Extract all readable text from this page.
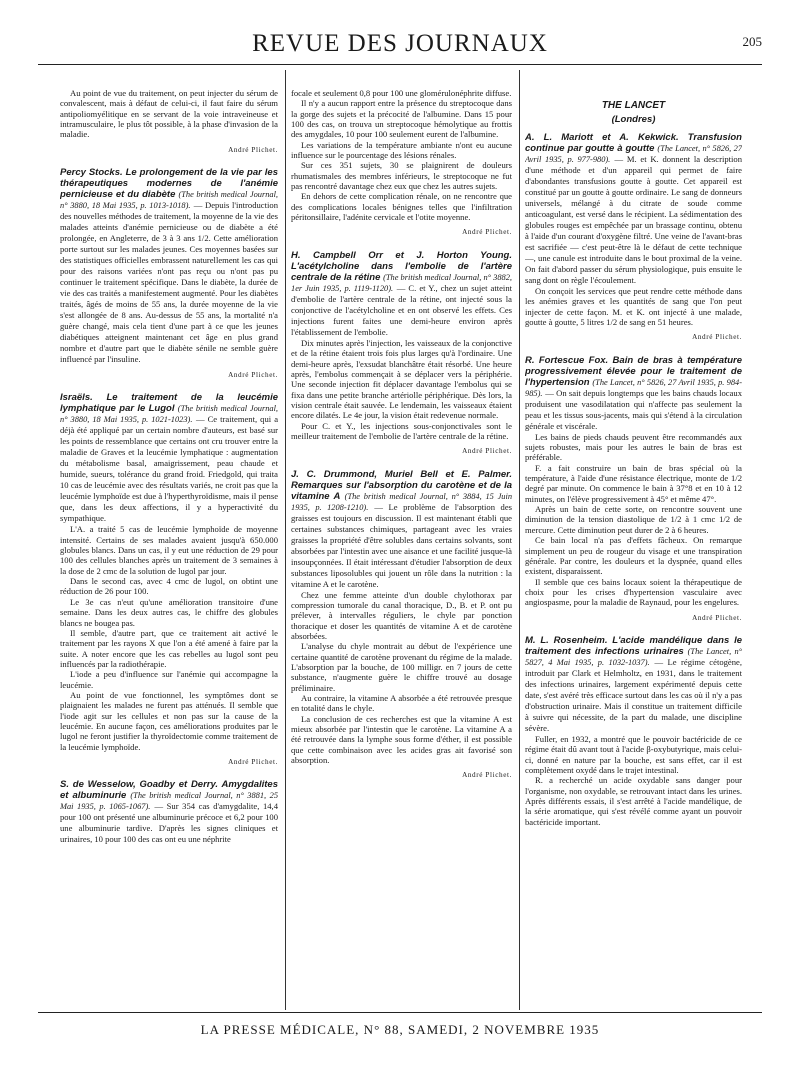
REVUE DES JOURNAUX	205

Au point de vue du traitement, on peut injecter du sérum de convalescent, mais à défaut de celui-ci, il faut faire du sérum antipoliomyélitique en se servant de la voie intraveineuse et intramusculaire, le plus tôt possible, à la phase d'invasion de la maladie.

André Plichet.

Percy Stocks. Le prolongement de la vie par les thérapeutiques modernes de l'anémie pernicieuse et du diabète (The british medical Journal, n° 3880, 18 Mai 1935, p. 1013-1018). — Depuis l'introduction des nouvelles méthodes de traitement, la moyenne de la vie des malades atteints d'anémie pernicieuse ou de diabète a été prolongée, en Angleterre, de 3 à 3 ans 1/2. Cette amélioration porte surtout sur les malades jeunes. Ces moyennes basées sur des statistiques officielles embrassent naturellement les cas qui pour des raisons variées n'ont pas reçu ou n'ont pas pu continuer le traitement spécifique. Dans le diabète, la durée de vie des cas traités a manifestement augmenté. Pour les diabètes traités, âgés de moins de 55 ans, la durée moyenne de la vie s'est allongée de 8 ans. Au-dessus de 55 ans, la mortalité n'a guère changé, mais cela tient d'une part à ce que les jeunes diabétiques atteignent maintenant cet âge en plus grand nombre et d'autre part que le diabète sénile ne semble guère influencé par l'insuline.

André Plichet.

Israëls. Le traitement de la leucémie lymphatique par le Lugol (The british medical Journal, n° 3880, 18 Mai 1935, p. 1021-1023). — Ce traitement, qui a déjà été appliqué par un certain nombre d'auteurs, est basé sur les points de ressemblance que certains ont cru trouver entre la maladie de Graves et la leucémie lymphatique : augmentation du métabolisme basal, amaigrissement, peau chaude et humide, sueurs, tolérance du grand froid. Friedgold, qui traita 10 cas de leucémie avec des résultats variés, ne croit pas que la leucémie lymphoïde est due à l'hyperthyroïdisme, mais il pense que, dans les deux affections, il y a hyperactivité du sympathique.

L'A. a traité 5 cas de leucémie lymphoïde de moyenne intensité. Certains de ses malades avaient jusqu'à 650.000 globules blancs. Dans un cas, il y eut une réduction de 29 pour 100 des cellules blanches après un traitement de 3 semaines à la dose de 2 cmc de la solution de lugol par jour.

Dans le second cas, avec 4 cmc de lugol, on obtint une réduction de 26 pour 100.

Le 3e cas n'eut qu'une amélioration transitoire d'une semaine. Dans les deux autres cas, le chiffre des globules blancs ne bougea pas.

Il semble, d'autre part, que ce traitement ait activé le traitement par les rayons X que l'on a été amené à faire par la suite. A noter encore que les cas rebelles au lugol sont peu influencés par la radiothérapie.

L'iode a peu d'influence sur l'anémie qui accompagne la leucémie.

Au point de vue fonctionnel, les symptômes dont se plaignaient les malades ne furent pas atténués. Il semble que l'iode agit sur les cellules et non pas sur la cause de la leucémie. En aucune façon, ces améliorations produites par le lugol ne feront justifier la thyroïdectomie comme traitement de la leucémie lymphoïde.

André Plichet.

S. de Wesselow, Goadby et Derry. Amygdalites et albuminurie (The british medical Journal, n° 3881, 25 Mai 1935, p. 1065-1067). — Sur 354 cas d'amygdalite, 14,4 pour 100 ont présenté une albuminurie précoce et 6,2 pour 100 une albuminurie tardive. D'après les signes cliniques et urinaires, 10 pour 100 des cas ont eu une néphrite

focale et seulement 0,8 pour 100 une glomérulonéphrite diffuse.

Il n'y a aucun rapport entre la présence du streptocoque dans la gorge des sujets et la précocité de l'albumine. Dans 15 pour 100 des cas, on trouva un streptocoque hémolytique au frottis des amygdales, 10 pour 100 seulement eurent de l'albumine.

Les variations de la température ambiante n'ont eu aucune influence sur le pourcentage des lésions rénales.

Sur ces 351 sujets, 30 se plaignirent de douleurs rhumatismales des membres inférieurs, le streptocoque ne fut pas rencontré davantage chez eux que chez les autres sujets.

En dehors de cette complication rénale, on ne rencontre que des complications locales bénignes telles que l'infiltration péritonsillaire, l'adénite cervicale et l'otite moyenne.

André Plichet.

H. Campbell Orr et J. Horton Young. L'acétylcholine dans l'embolie de l'artère centrale de la rétine (The british medical Journal, n° 3882, 1er Juin 1935, p. 1119-1120). — C. et Y., chez un sujet atteint d'embolie de l'artère centrale de la rétine, ont injecté sous la conjonctive de l'acétylcholine et en ont observé les effets. Ces injections furent faites une demi-heure environ après l'établissement de l'embolie.

Dix minutes après l'injection, les vaisseaux de la conjonctive et de la rétine étaient trois fois plus larges qu'à l'ordinaire. Une demi-heure après, l'exsudat blanchâtre était résorbé. Une heure après, l'embolus commençait à se déplacer vers la périphérie. Une seconde injection fit déplacer davantage l'embolus qui se fixa dans une petite branche artériolle périphérique. Dès lors, la vision centrale était sauvée. Le lendemain, les vaisseaux étaient encore dilatés. Le 4e jour, la vision était redevenue normale.

Pour C. et Y., les injections sous-conjonctivales sont le meilleur traitement de l'embolie de l'artère centrale de la rétine.

André Plichet.

J. C. Drummond, Muriel Bell et E. Palmer. Remarques sur l'absorption du carotène et de la vitamine A (The british medical Journal, n° 3884, 15 Juin 1935, p. 1208-1210). — Le problème de l'absorption des graisses est toujours en discussion. Il est maintenant établi que certaines substances chimiques, partageant avec les vraies graisses la propriété d'être solubles dans certains solvants, sont absorbées par l'intestin avec une aisance et une facilité jusque-là insoupçonnées. Il était intéressant d'étudier l'absorption de deux substances liposolubles qui jouent un rôle dans la nutrition : la vitamine A et le carotène.

Chez une femme atteinte d'un double chylothorax par compression tumorale du canal thoracique, D., B. et P. ont pu prélever, à intervalles réguliers, le chyle par ponction thoracique et doser les quantités de vitamine A et de carotène absorbées.

L'analyse du chyle montrait au début de l'expérience une certaine quantité de carotène provenant du régime de la malade. L'absorption par la bouche, de 100 milligr. en 7 jours de cette substance, n'augmente guère le chiffre trouvé au dosage préliminaire.

Au contraire, la vitamine A absorbée a été retrouvée presque en totalité dans le chyle.

La conclusion de ces recherches est que la vitamine A est mieux absorbée par l'intestin que le carotène. La vitamine A a été retrouvée dans la lymphe sous forme d'éther, il est possible que cette combinaison avec les acides gras ait favorisé son absorption.

André Plichet.

THE LANCET

(Londres)

A. L. Mariott et A. Kekwick. Transfusion continue par goutte à goutte (The Lancet, n° 5826, 27 Avril 1935, p. 977-980). — M. et K. donnent la description d'une méthode et d'un appareil qui permet de faire d'abondantes transfusions goutte à goutte. Cet appareil est constitué par un goutte à goutte ordinaire. Le sang de donneurs universels, mélangé à du citrate de soude comme anticoagulant, est versé dans le récipient. La sédimentation des globules rouges est empêchée par un brassage continu, obtenu à l'aide d'un courant d'oxygène filtré. Une veine de l'avant-bras est sacrifiée — c'est peut-être là le défaut de cette technique —, une canule est introduite dans le bout proximal de la veine. On fait d'abord passer du sérum physiologique, puis ensuite le sang dont on règle l'écoulement.

On conçoit les services que peut rendre cette méthode dans les anémies graves et les quantités de sang que l'on peut injecter de cette façon. M. et K. ont injecté à une malade, goutte à goutte, 5 litres 1/2 de sang en 51 heures.

André Plichet.

R. Fortescue Fox. Bain de bras à température progressivement élevée pour le traitement de l'hypertension (The Lancet, n° 5826, 27 Avril 1935, p. 984-985). — On sait depuis longtemps que les bains chauds locaux produisent une vasodilatation qui n'affecte pas seulement la peau et les tissus sous-jacents, mais qui s'étend à la circulation générale et viscérale.

Les bains de pieds chauds peuvent être recommandés aux sujets robustes, mais pour les autres le bain de bras est préférable.

F. a fait construire un bain de bras spécial où la température, à l'aide d'une résistance électrique, monte de 1/2 degré par minute. On commence le bain à 37°8 et en 10 à 12 minutes, on l'élève progressivement à 45° et même 47°.

Après un bain de cette sorte, on rencontre souvent une diminution de la tension diastolique de 1/2 à 1 cmc 1/2 de mercure. Cette diminution peut durer de 2 à 6 heures.

Ce bain local n'a pas d'effets fâcheux. On remarque simplement un peu de rougeur du visage et une transpiration générale. Par contre, les douleurs et la dyspnée, quand elles existent, disparaissent.

Il semble que ces bains locaux soient la thérapeutique de choix pour les crises d'hypertension vasculaire avec angiospasme, pour la maladie de Raynaud, pour les engelures.

André Plichet.

M. L. Rosenheim. L'acide mandélique dans le traitement des infections urinaires (The Lancet, n° 5827, 4 Mai 1935, p. 1032-1037). — Le régime cétogène, introduit par Clark et Helmholtz, en 1931, dans le traitement des infections urinaires, largement expérimenté depuis cette date, s'est avéré très efficace surtout dans les cas où il n'y a pas d'obstruction urinaire. Mais il constitue un traitement difficile à suivre qui nécessite, de la part du malade, une discipline sévère.

Fuller, en 1932, a montré que le pouvoir bactéricide de ce régime était dû avant tout à l'acide β-oxybutyrique, mais celui-ci, donné en nature par la bouche, est sans effet, car il est complètement oxydé dans le trajet intestinal.

R. a recherché un acide oxydable sans danger pour l'organisme, non oxydable, se retrouvant intact dans les urines. Après différents essais, il s'est arrêté à l'acide mandélique, de la série aromatique, qui s'est révélé comme ayant un pouvoir bactéricide important.

LA PRESSE MÉDICALE, N° 88, SAMEDI, 2 NOVEMBRE 1935
